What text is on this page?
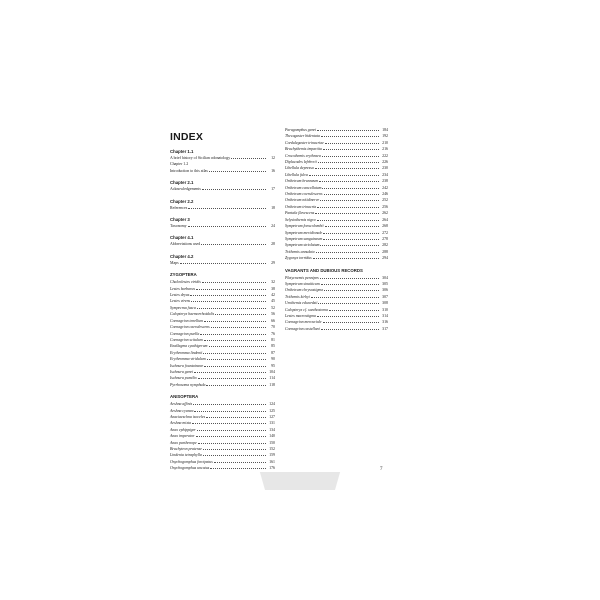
INDEX
Chapter 1.1
A brief history of Sicilian odonatology	12
Chapter 1.2
Introduction to this atlas	16
Chapter 2.1
Acknowledgements	17
Chapter 2.2
References	18
Chapter 3
Taxonomy	24
Chapter 4.1
Abbreviations used	28
Chapter 4.2
Maps	29
ZYGOPTERA
Chalcolestes viridis	32
Lestes barbarus	38
Lestes dryas	42
Lestes virens	45
Sympecma fusca	52
Calopteryx haemorrhoidalis	56
Coenagrion tenellum	66
Coenagrion caerulescens	70
Coenagrion puella	76
Coenagrion scitulum	81
Enallagma cyathigerum	85
Erythromma lindenii	87
Erythromma viridulum	90
Ischnura fountaineae	95
Ischnura genei	104
Ischnura pumilio	114
Pyrrhosoma nymphula	118
ANISOPTERA
Aeshna affinis	124
Aeshna cyanea	125
Anaciaeschna isoceles	127
Aeshna mixta	131
Anax ephippiger	134
Anax imperator	140
Anax parthenope	150
Brachytron pratense	152
Lindenia tetraphylla	159
Onychogomphus forcipatus	161
Onychogomphus uncatus	176
Paragomphus genei	184
Thecagaster bidentata	192
Cordulegaster trinacriae	210
Brachythemis impartita	216
Crocothemis erythraea	222
Diplacodes lefebvrii	226
Libellula depressa	230
Libellula fulva	234
Orthetrum brunneum	238
Orthetrum cancellatum	242
Orthetrum coerulescens	246
Orthetrum nitidinerve	252
Orthetrum trinacria	256
Pantala flavescens	262
Selysiothemis nigra	264
Sympetrum fonscolombii	268
Sympetrum meridionale	272
Sympetrum sanguineum	278
Sympetrum striolatum	282
Trithemis annulata	288
Zygonyx torridus	294
VAGRANTS AND DUBIOUS RECORDS
Platycnemis pennipes	304
Sympetrum sinaiticum	305
Orthetrum chrysostigma	306
Trithemis kirbyi	307
Urothemis edwardsii	308
Calopteryx cf. xanthostoma	310
Lestes macrostigma	314
Coenagrion mercuriale	316
Coenagrion castellani	317
7
